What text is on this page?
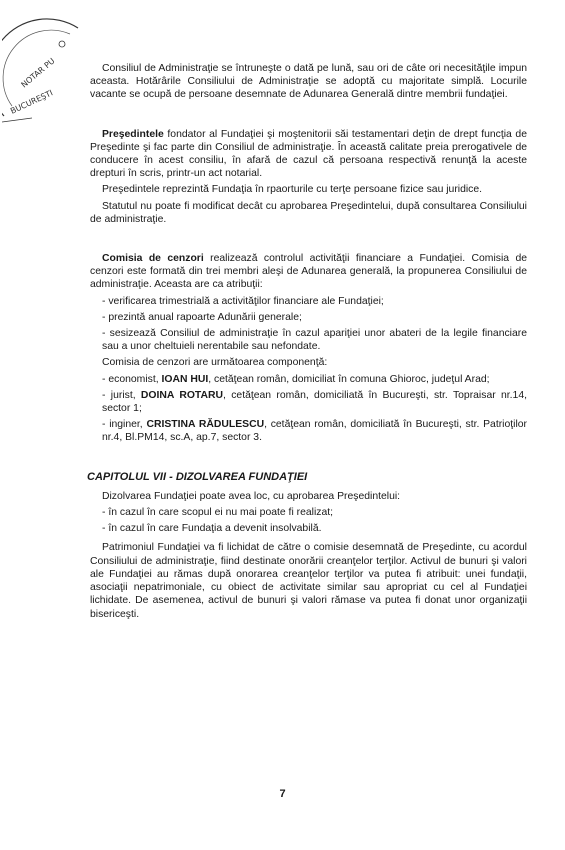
NOTAR PU
BUCUREŞTI

Consiliul de Administraţie se întruneşte o dată pe lună, sau ori de câte ori necesităţile impun aceasta. Hotărârile Consiliului de Administraţie se adoptă cu majoritate simplă. Locurile vacante se ocupă de persoane desemnate de Adunarea Generală dintre membrii fundaţiei.

Preşedintele fondator al Fundaţiei şi moştenitorii săi testamentari deţin de drept funcţia de Preşedinte şi fac parte din Consiliul de administraţie. În această calitate preia prerogativele de conducere în acest consiliu, în afară de cazul că persoana respectivă renunţă la aceste drepturi în scris, printr-un act notarial.

Preşedintele reprezintă Fundaţia în rpaorturile cu terţe persoane fizice sau juridice.

Statutul nu poate fi modificat decât cu aprobarea Preşedintelui, după consultarea Consiliului de administraţie.

Comisia de cenzori realizează controlul activităţii financiare a Fundaţiei. Comisia de cenzori este formată din trei membri aleşi de Adunarea generală, la propunerea Consiliului de administraţie. Aceasta are ca atribuţii:

- verificarea trimestrială a activităţilor financiare ale Fundaţiei;

- prezintă anual rapoarte Adunării generale;

- sesizează Consiliul de administraţie în cazul apariţiei unor abateri de la legile financiare sau a unor cheltuieli nerentabile sau nefondate.

Comisia de cenzori are următoarea componenţă:

- economist, IOAN HUI, cetăţean român, domiciliat în comuna Ghioroc, judeţul Arad;

- jurist, DOINA ROTARU, cetăţean român, domiciliată în Bucureşti, str. Topraisar nr.14, sector 1;

- inginer, CRISTINA RĂDULESCU, cetăţean român, domiciliată în Bucureşti, str. Patrioţilor nr.4, Bl.PM14, sc.A, ap.7, sector 3.

CAPITOLUL VII - DIZOLVAREA FUNDAŢIEI

Dizolvarea Fundaţiei poate avea loc, cu aprobarea Preşedintelui:

- în cazul în care scopul ei nu mai poate fi realizat;

- în cazul în care Fundaţia a devenit insolvabilă.

Patrimoniul Fundaţiei va fi lichidat de către o comisie desemnată de Preşedinte, cu acordul Consiliului de administraţie, fiind destinate onorării creanţelor terţilor. Activul de bunuri şi valori ale Fundaţiei au rămas după onorarea creanţelor terţilor va putea fi atribuit: unei fundaţii, asociaţii nepatrimoniale, cu obiect de activitate similar sau apropriat cu cel al Fundaţiei lichidate. De asemenea, activul de bunuri şi valori rămase va putea fi donat unor organizaţii bisericeşti.

7
